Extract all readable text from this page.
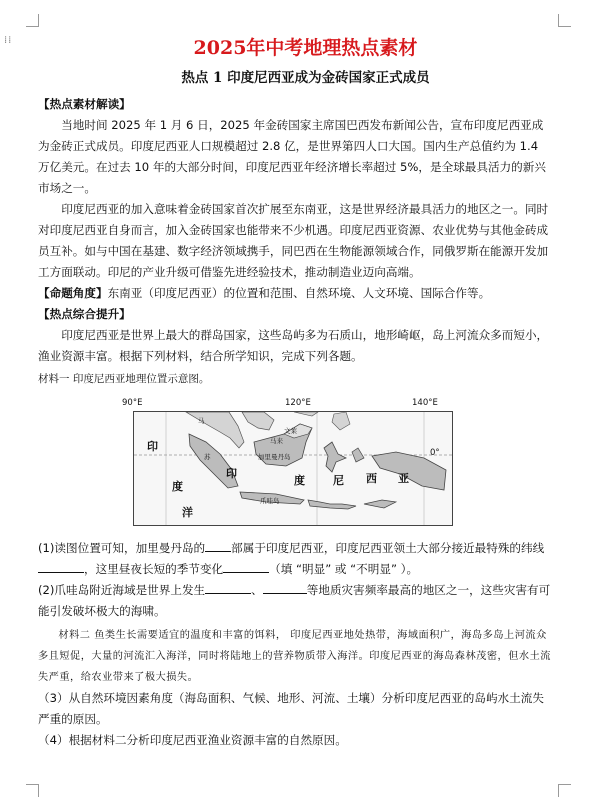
⁞⁞	2025年中考地理热点素材
热点 1 印度尼西亚成为金砖国家正式成员

【热点素材解读】

当地时间 2025 年 1 月 6 日，2025 年金砖国家主席国巴西发布新闻公告，宣布印度尼西亚成为金砖正式成员。印度尼西亚人口规模超过 2.8 亿，是世界第四人口大国。国内生产总值约为 1.4 万亿美元。在过去 10 年的大部分时间，印度尼西亚年经济增长率超过 5%，是全球最具活力的新兴市场之一。

印度尼西亚的加入意味着金砖国家首次扩展至东南亚，这是世界经济最具活力的地区之一。同时对印度尼西亚自身而言，加入金砖国家也能带来不少机遇。印度尼西亚资源、农业优势与其他金砖成员互补。如与中国在基建、数字经济领域携手，同巴西在生物能源领域合作，同俄罗斯在能源开发加工方面联动。印尼的产业升级可借鉴先进经验技术，推动制造业迈向高端。

【命题角度】东南亚（印度尼西亚）的位置和范围、自然环境、人文环境、国际合作等。

【热点综合提升】

印度尼西亚是世界上最大的群岛国家，这些岛屿多为石质山，地形崎岖，岛上河流众多而短小，渔业资源丰富。根据下列材料，结合所学知识，完成下列各题。

材料一 印度尼西亚地理位置示意图。

90°E	120°E	140°E
印
度
洋
印
度	尼 西 亚
加里曼丹岛
爪哇岛
马
苏
文莱
马来
0°

(1)读图位置可知，加里曼丹岛的 部属于印度尼西亚，印度尼西亚领土大部分接近最特殊的纬线，这里昼夜长短的季节变化	（填 “明显” 或 “不明显” ）。

(2)爪哇岛附近海域是世界上发生	、	等地质灾害频率最高的地区之一，这些灾害有可能引发破坏极大的海啸。

材料二 鱼类生长需要适宜的温度和丰富的饵料， 印度尼西亚地处热带，海域面积广，海岛多岛上河流众多且短促，大量的河流汇入海洋，同时将陆地上的营养物质带入海洋。印度尼西亚的海岛森林茂密，但水土流失严重，给农业带来了极大损失。

（3）从自然环境因素角度（海岛面积、气候、地形、河流、土壤）分析印度尼西亚的岛屿水土流失严重的原因。

（4）根据材料二分析印度尼西亚渔业资源丰富的自然原因。
